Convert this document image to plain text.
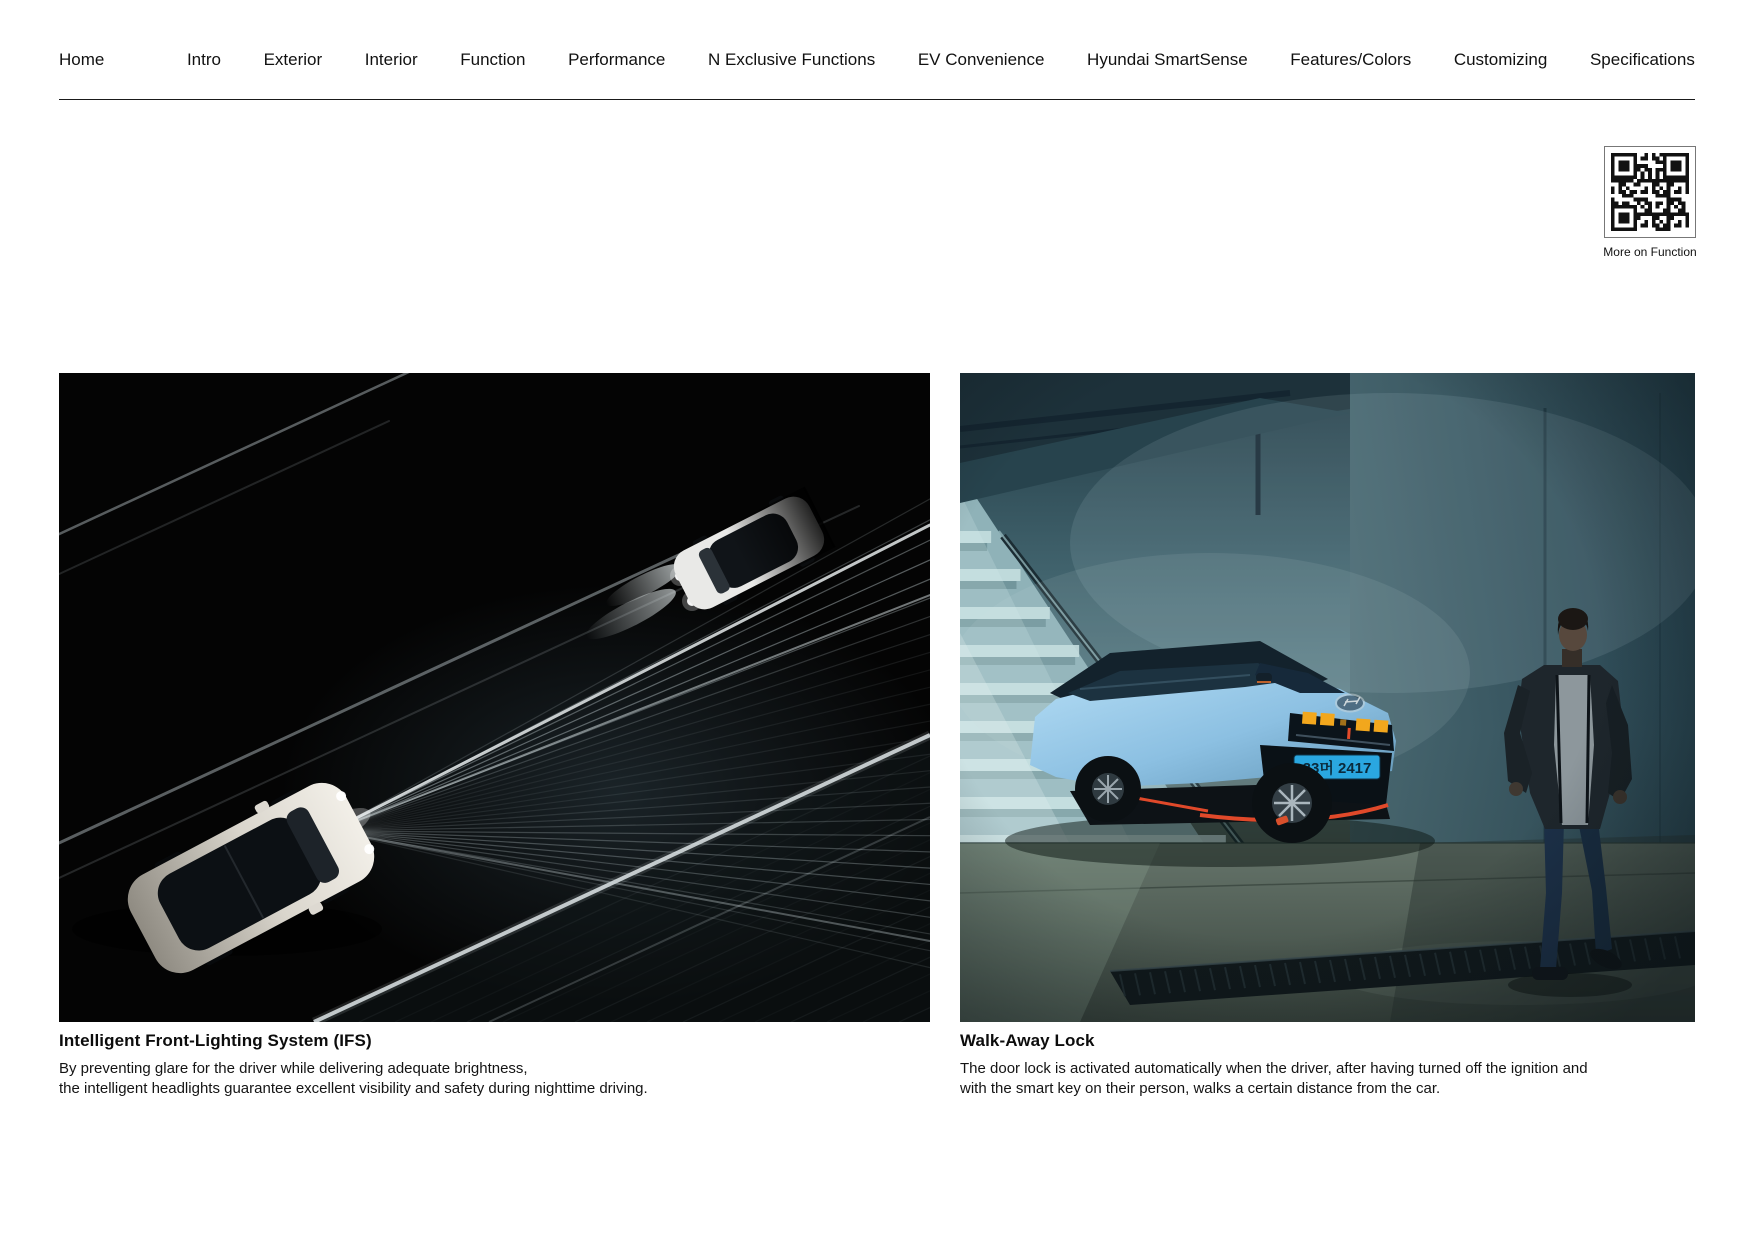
Home	Intro	Exterior	Interior	Function	Performance	N Exclusive Functions	EV Convenience	Hyundai SmartSense	Features/Colors	Customizing	Specifications
More on Function
Intelligent Front-Lighting System (IFS)

By preventing glare for the driver while delivering adequate brightness,
the intelligent headlights guarantee excellent visibility and safety during nighttime driving.

Walk-Away Lock

The door lock is activated automatically when the driver, after having turned off the ignition and
with the smart key on their person, walks a certain distance from the car.
